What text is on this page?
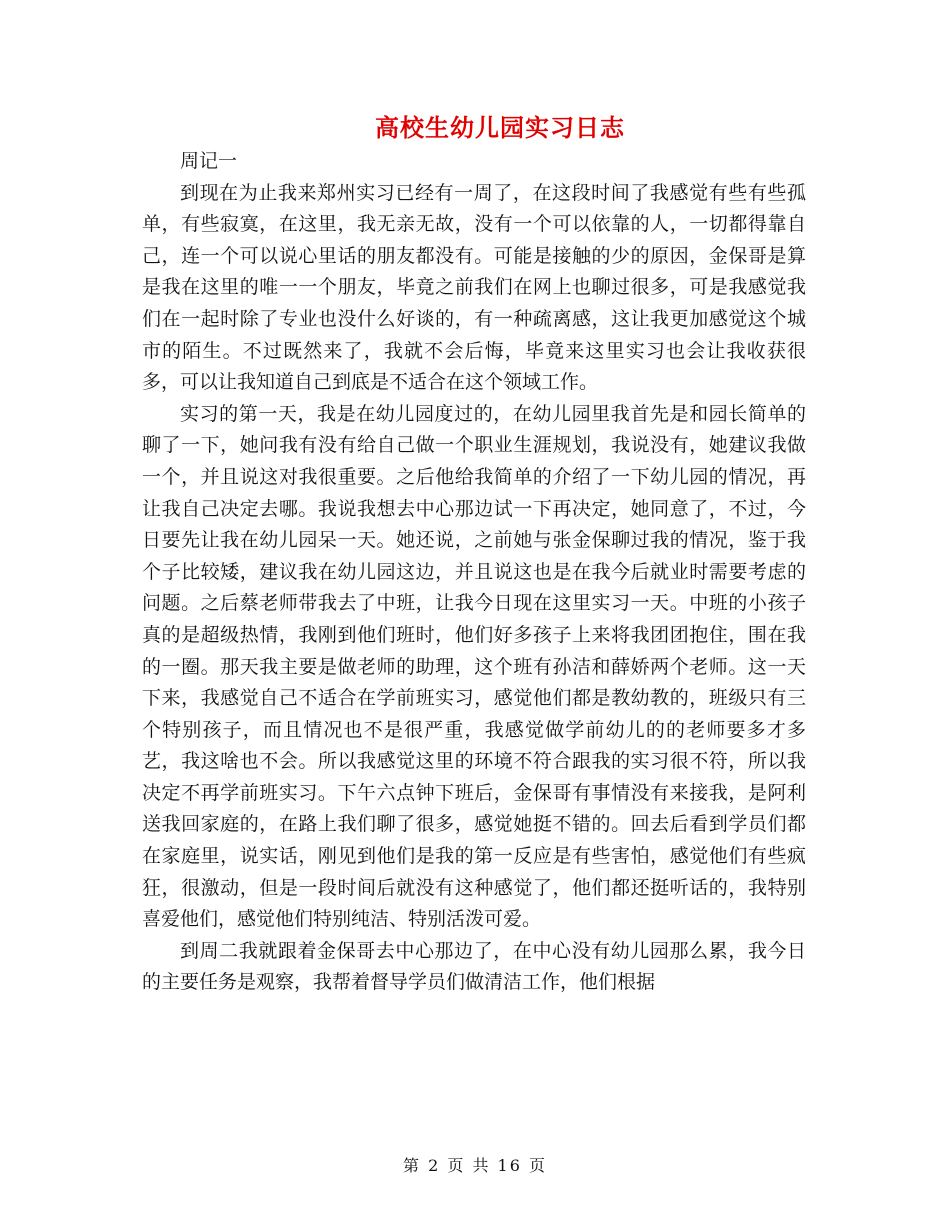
高校生幼儿园实习日志

周记一

到现在为止我来郑州实习已经有一周了，在这段时间了我感觉有些有些孤单，有些寂寞，在这里，我无亲无故，没有一个可以依靠的人，一切都得靠自己，连一个可以说心里话的朋友都没有。可能是接触的少的原因，金保哥是算是我在这里的唯一一个朋友，毕竟之前我们在网上也聊过很多，可是我感觉我们在一起时除了专业也没什么好谈的，有一种疏离感，这让我更加感觉这个城市的陌生。不过既然来了，我就不会后悔，毕竟来这里实习也会让我收获很多，可以让我知道自己到底是不适合在这个领域工作。

实习的第一天，我是在幼儿园度过的，在幼儿园里我首先是和园长简单的聊了一下，她问我有没有给自己做一个职业生涯规划，我说没有，她建议我做一个，并且说这对我很重要。之后他给我简单的介绍了一下幼儿园的情况，再让我自己决定去哪。我说我想去中心那边试一下再决定，她同意了，不过，今日要先让我在幼儿园呆一天。她还说，之前她与张金保聊过我的情况，鉴于我个子比较矮，建议我在幼儿园这边，并且说这也是在我今后就业时需要考虑的问题。之后蔡老师带我去了中班，让我今日现在这里实习一天。中班的小孩子真的是超级热情，我刚到他们班时，他们好多孩子上来将我团团抱住，围在我的一圈。那天我主要是做老师的助理，这个班有孙洁和薛娇两个老师。这一天下来，我感觉自己不适合在学前班实习，感觉他们都是教幼教的，班级只有三个特别孩子，而且情况也不是很严重，我感觉做学前幼儿的的老师要多才多艺，我这啥也不会。所以我感觉这里的环境不符合跟我的实习很不符，所以我决定不再学前班实习。下午六点钟下班后，金保哥有事情没有来接我，是阿利送我回家庭的，在路上我们聊了很多，感觉她挺不错的。回去后看到学员们都在家庭里，说实话，刚见到他们是我的第一反应是有些害怕，感觉他们有些疯狂，很激动，但是一段时间后就没有这种感觉了，他们都还挺听话的，我特别喜爱他们，感觉他们特别纯洁、特别活泼可爱。

到周二我就跟着金保哥去中心那边了，在中心没有幼儿园那么累，我今日的主要任务是观察，我帮着督导学员们做清洁工作，他们根据

第 2 页 共 16 页
